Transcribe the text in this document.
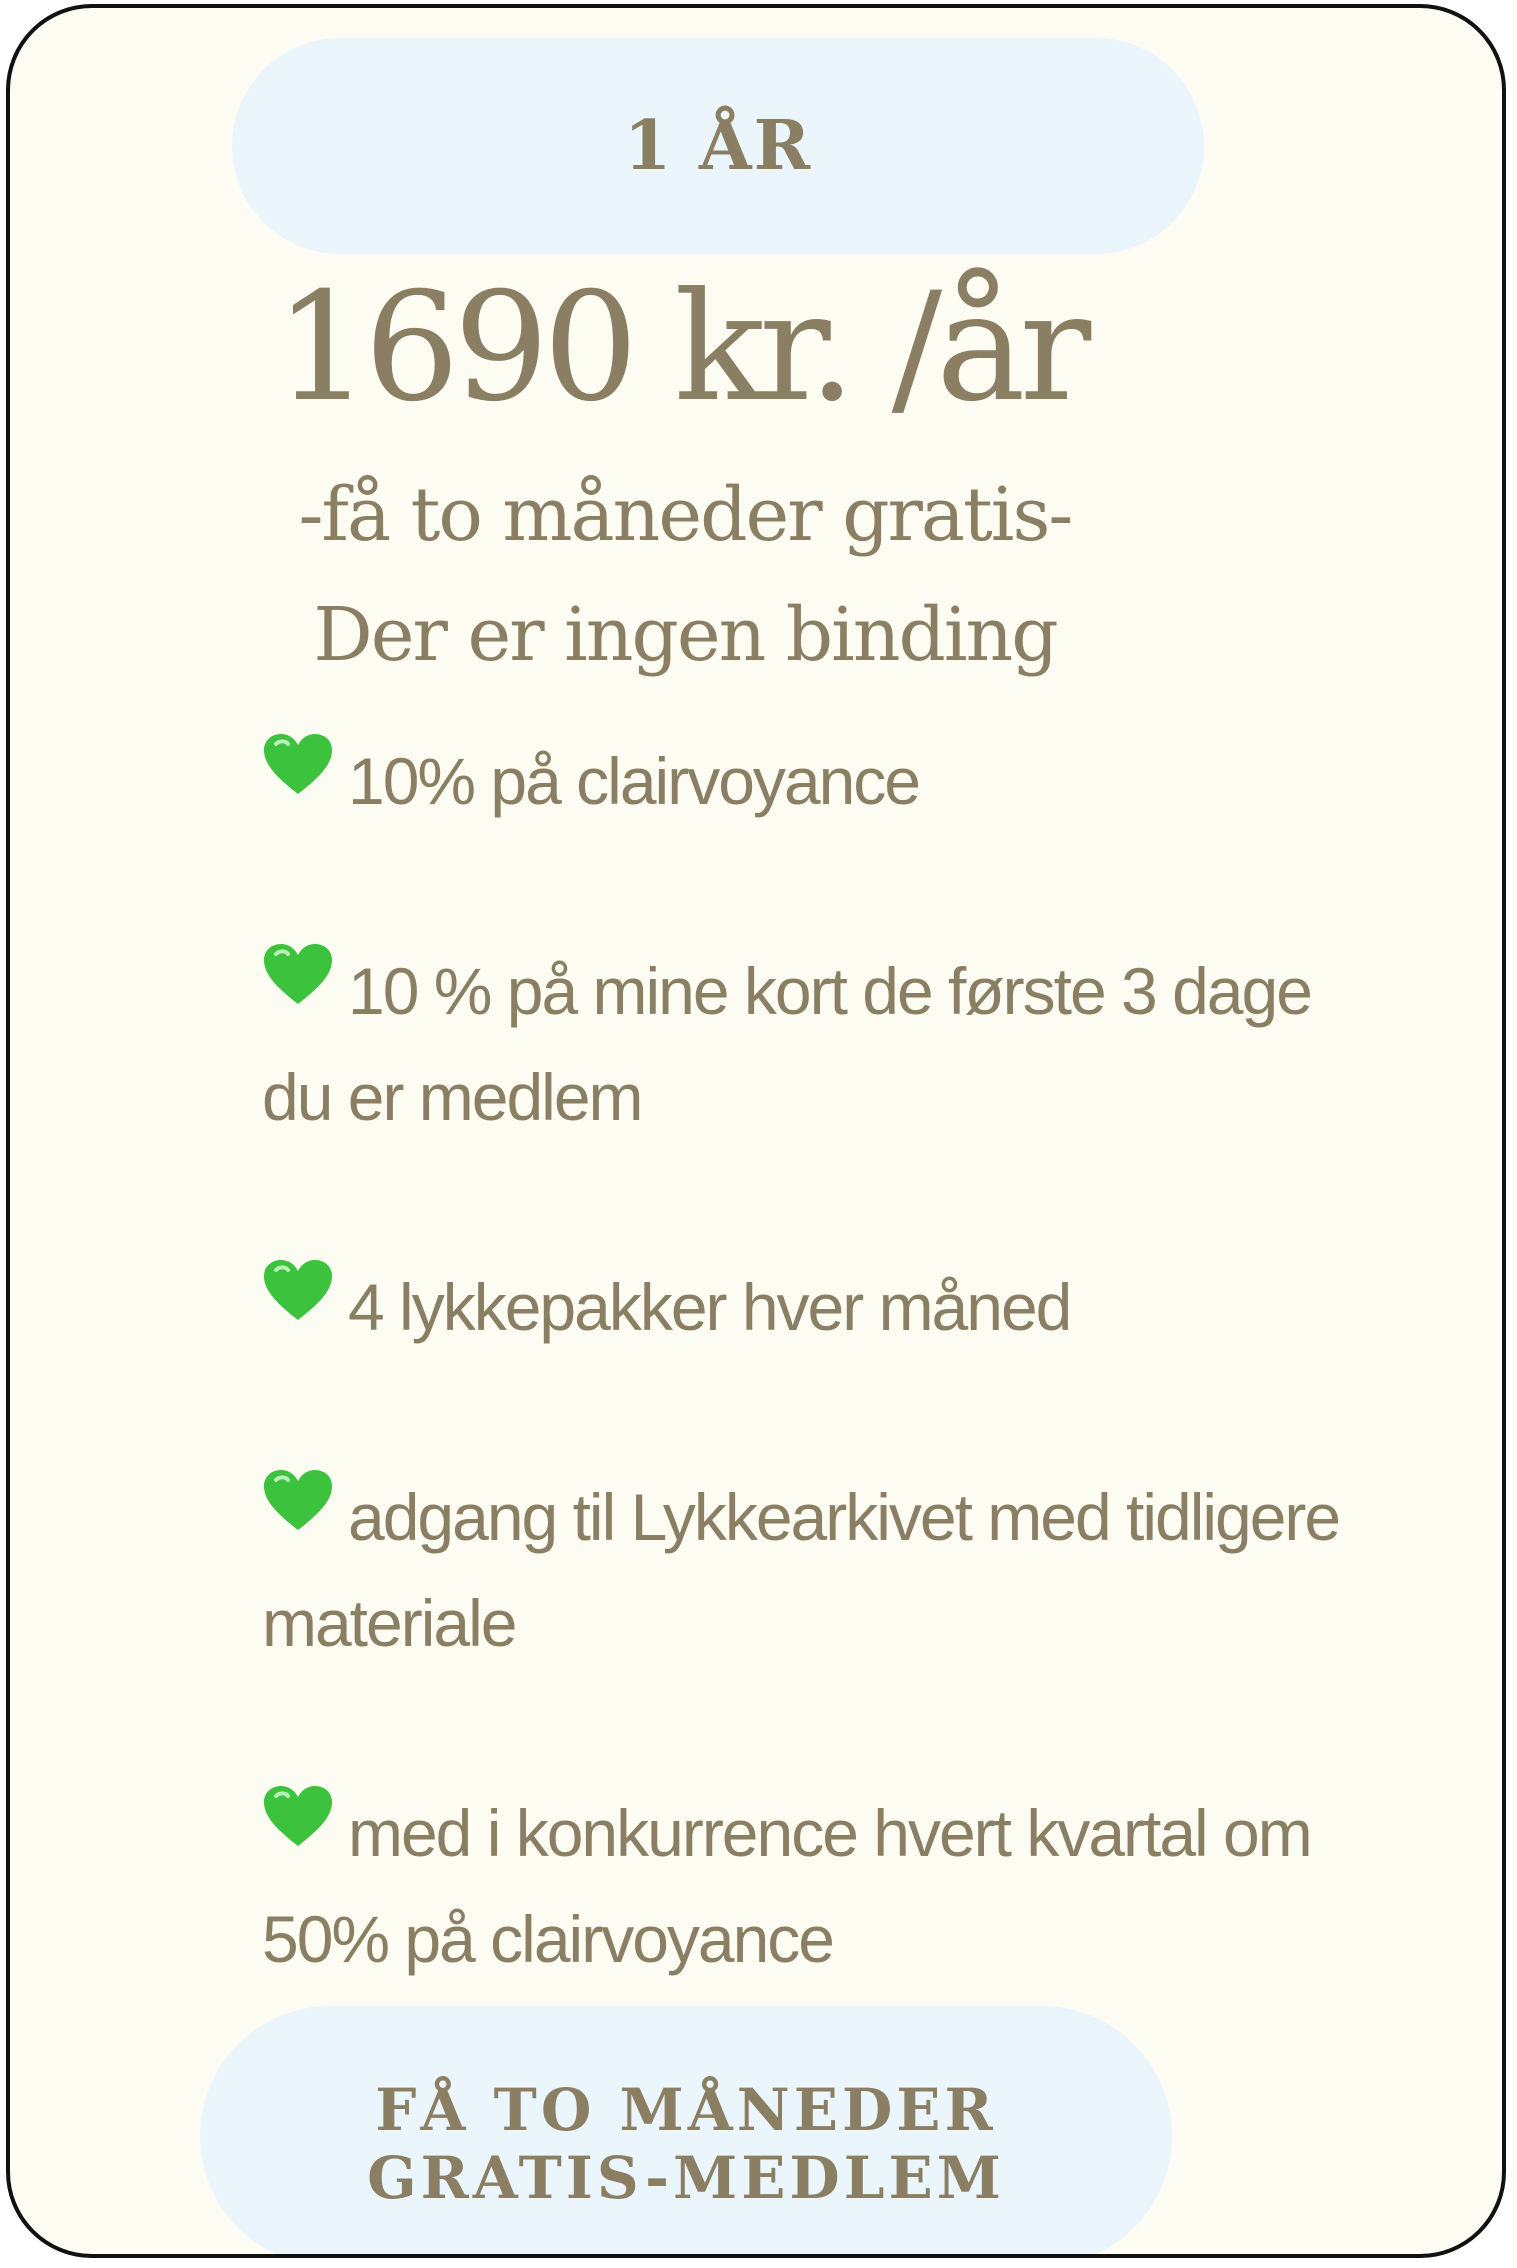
1 ÅR
1690 kr. /år
-få to måneder gratis-
Der er ingen binding
10% på clairvoyance
10 % på mine kort de første 3 dage du er medlem
4 lykkepakker hver måned
adgang til Lykkearkivet med tidligere materiale
med i konkurrence hvert kvartal om 50% på clairvoyance
FÅ TO MÅNEDER
GRATIS-MEDLEM
